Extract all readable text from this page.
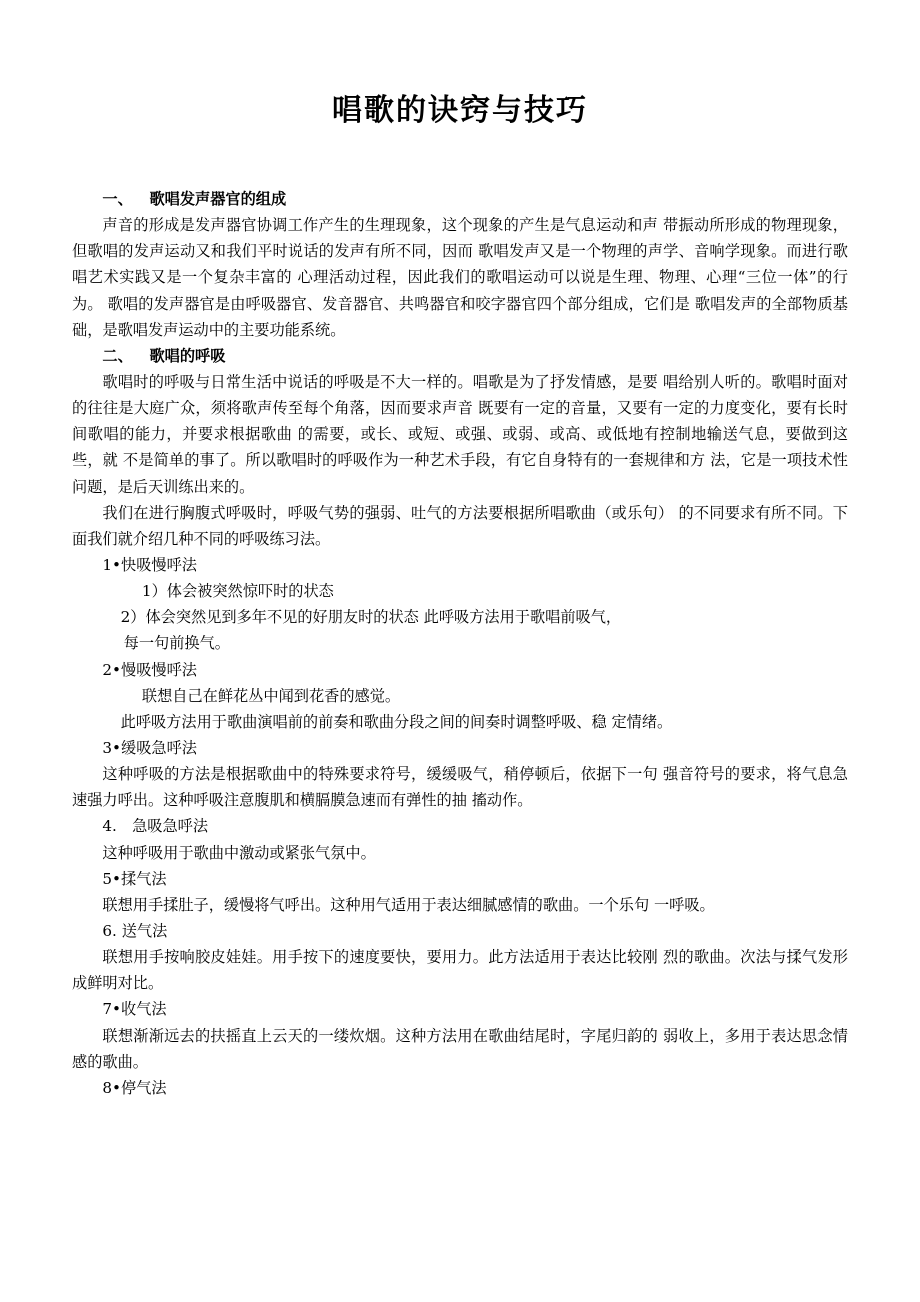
唱歌的诀窍与技巧

一、 歌唱发声器官的组成

声音的形成是发声器官协调工作产生的生理现象，这个现象的产生是气息运动和声 带振动所形成的物理现象，但歌唱的发声运动又和我们平时说话的发声有所不同，因而 歌唱发声又是一个物理的声学、音响学现象。而进行歌唱艺术实践又是一个复杂丰富的 心理活动过程，因此我们的歌唱运动可以说是生理、物理、心理“三位一体”的行为。 歌唱的发声器官是由呼吸器官、发音器官、共鸣器官和咬字器官四个部分组成，它们是 歌唱发声的全部物质基础，是歌唱发声运动中的主要功能系统。

二、 歌唱的呼吸

歌唱时的呼吸与日常生活中说话的呼吸是不大一样的。唱歌是为了抒发情感，是要 唱给别人听的。歌唱时面对的往往是大庭广众，须将歌声传至每个角落，因而要求声音 既要有一定的音量，又要有一定的力度变化，要有长时间歌唱的能力，并要求根据歌曲 的需要，或长、或短、或强、或弱、或高、或低地有控制地输送气息，要做到这些，就 不是简单的事了。所以歌唱时的呼吸作为一种艺术手段，有它自身特有的一套规律和方 法，它是一项技术性问题，是后天训练出来的。

我们在进行胸腹式呼吸时，呼吸气势的强弱、吐气的方法要根据所唱歌曲（或乐句） 的不同要求有所不同。下面我们就介绍几种不同的呼吸练习法。

1•快吸慢呼法

1）体会被突然惊吓时的状态

2）体会突然见到多年不见的好朋友时的状态 此呼吸方法用于歌唱前吸气，

每一句前换气。

2•慢吸慢呼法

联想自己在鲜花丛中闻到花香的感觉。

此呼吸方法用于歌曲演唱前的前奏和歌曲分段之间的间奏时调整呼吸、稳 定情绪。

3•缓吸急呼法

这种呼吸的方法是根据歌曲中的特殊要求符号，缓缓吸气，稍停顿后，依据下一句 强音符号的要求，将气息急速强力呼出。这种呼吸注意腹肌和横膈膜急速而有弹性的抽 搐动作。

4.　急吸急呼法

这种呼吸用于歌曲中激动或紧张气氛中。

5•揉气法

联想用手揉肚子，缓慢将气呼出。这种用气适用于表达细腻感情的歌曲。一个乐句 一呼吸。

6. 送气法

联想用手按响胶皮娃娃。用手按下的速度要快，要用力。此方法适用于表达比较刚 烈的歌曲。次法与揉气发形成鲜明对比。

7•收气法

联想渐渐远去的扶摇直上云天的一缕炊烟。这种方法用在歌曲结尾时，字尾归韵的 弱收上，多用于表达思念情感的歌曲。

8•停气法
